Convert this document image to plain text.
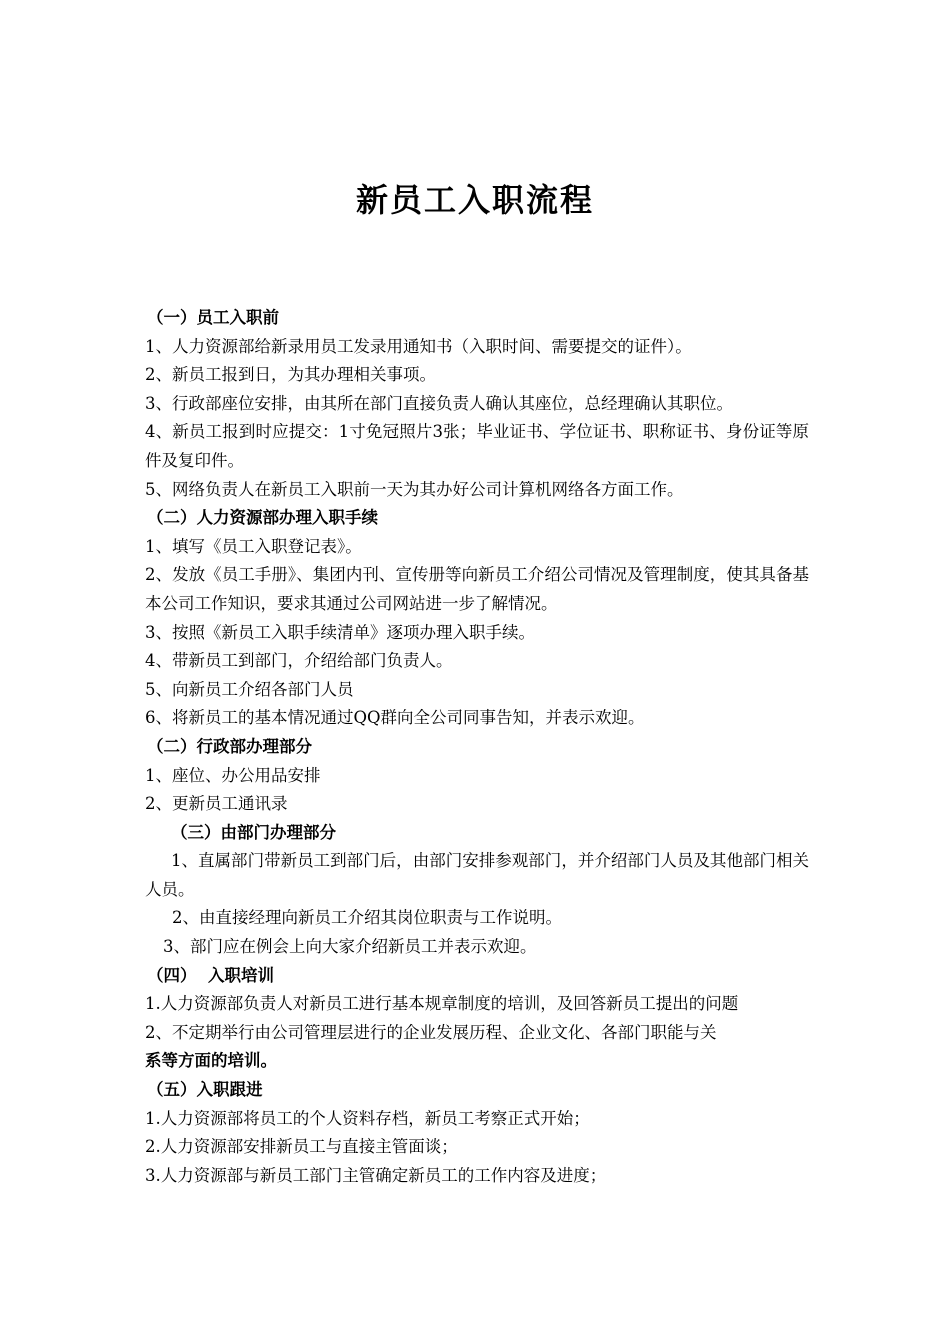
新员工入职流程

（一）员工入职前

1、人力资源部给新录用员工发录用通知书（入职时间、需要提交的证件）。

2、新员工报到日，为其办理相关事项。

3、行政部座位安排，由其所在部门直接负责人确认其座位，总经理确认其职位。

4、新员工报到时应提交：1寸免冠照片3张；毕业证书、学位证书、职称证书、身份证等原件及复印件。

5、网络负责人在新员工入职前一天为其办好公司计算机网络各方面工作。

（二）人力资源部办理入职手续

1、填写《员工入职登记表》。

2、发放《员工手册》、集团内刊、宣传册等向新员工介绍公司情况及管理制度，使其具备基本公司工作知识，要求其通过公司网站进一步了解情况。

3、按照《新员工入职手续清单》逐项办理入职手续。

4、带新员工到部门，介绍给部门负责人。

5、向新员工介绍各部门人员

6、将新员工的基本情况通过QQ群向全公司同事告知，并表示欢迎。

（二）行政部办理部分

1、座位、办公用品安排

2、更新员工通讯录

（三）由部门办理部分

1、直属部门带新员工到部门后，由部门安排参观部门，并介绍部门人员及其他部门相关人员。

2、由直接经理向新员工介绍其岗位职责与工作说明。

3、部门应在例会上向大家介绍新员工并表示欢迎。

（四）  入职培训

1.人力资源部负责人对新员工进行基本规章制度的培训，及回答新员工提出的问题

2、不定期举行由公司管理层进行的企业发展历程、企业文化、各部门职能与关

系等方面的培训。

（五）入职跟进

1.人力资源部将员工的个人资料存档，新员工考察正式开始；

2.人力资源部安排新员工与直接主管面谈；

3.人力资源部与新员工部门主管确定新员工的工作内容及进度；
